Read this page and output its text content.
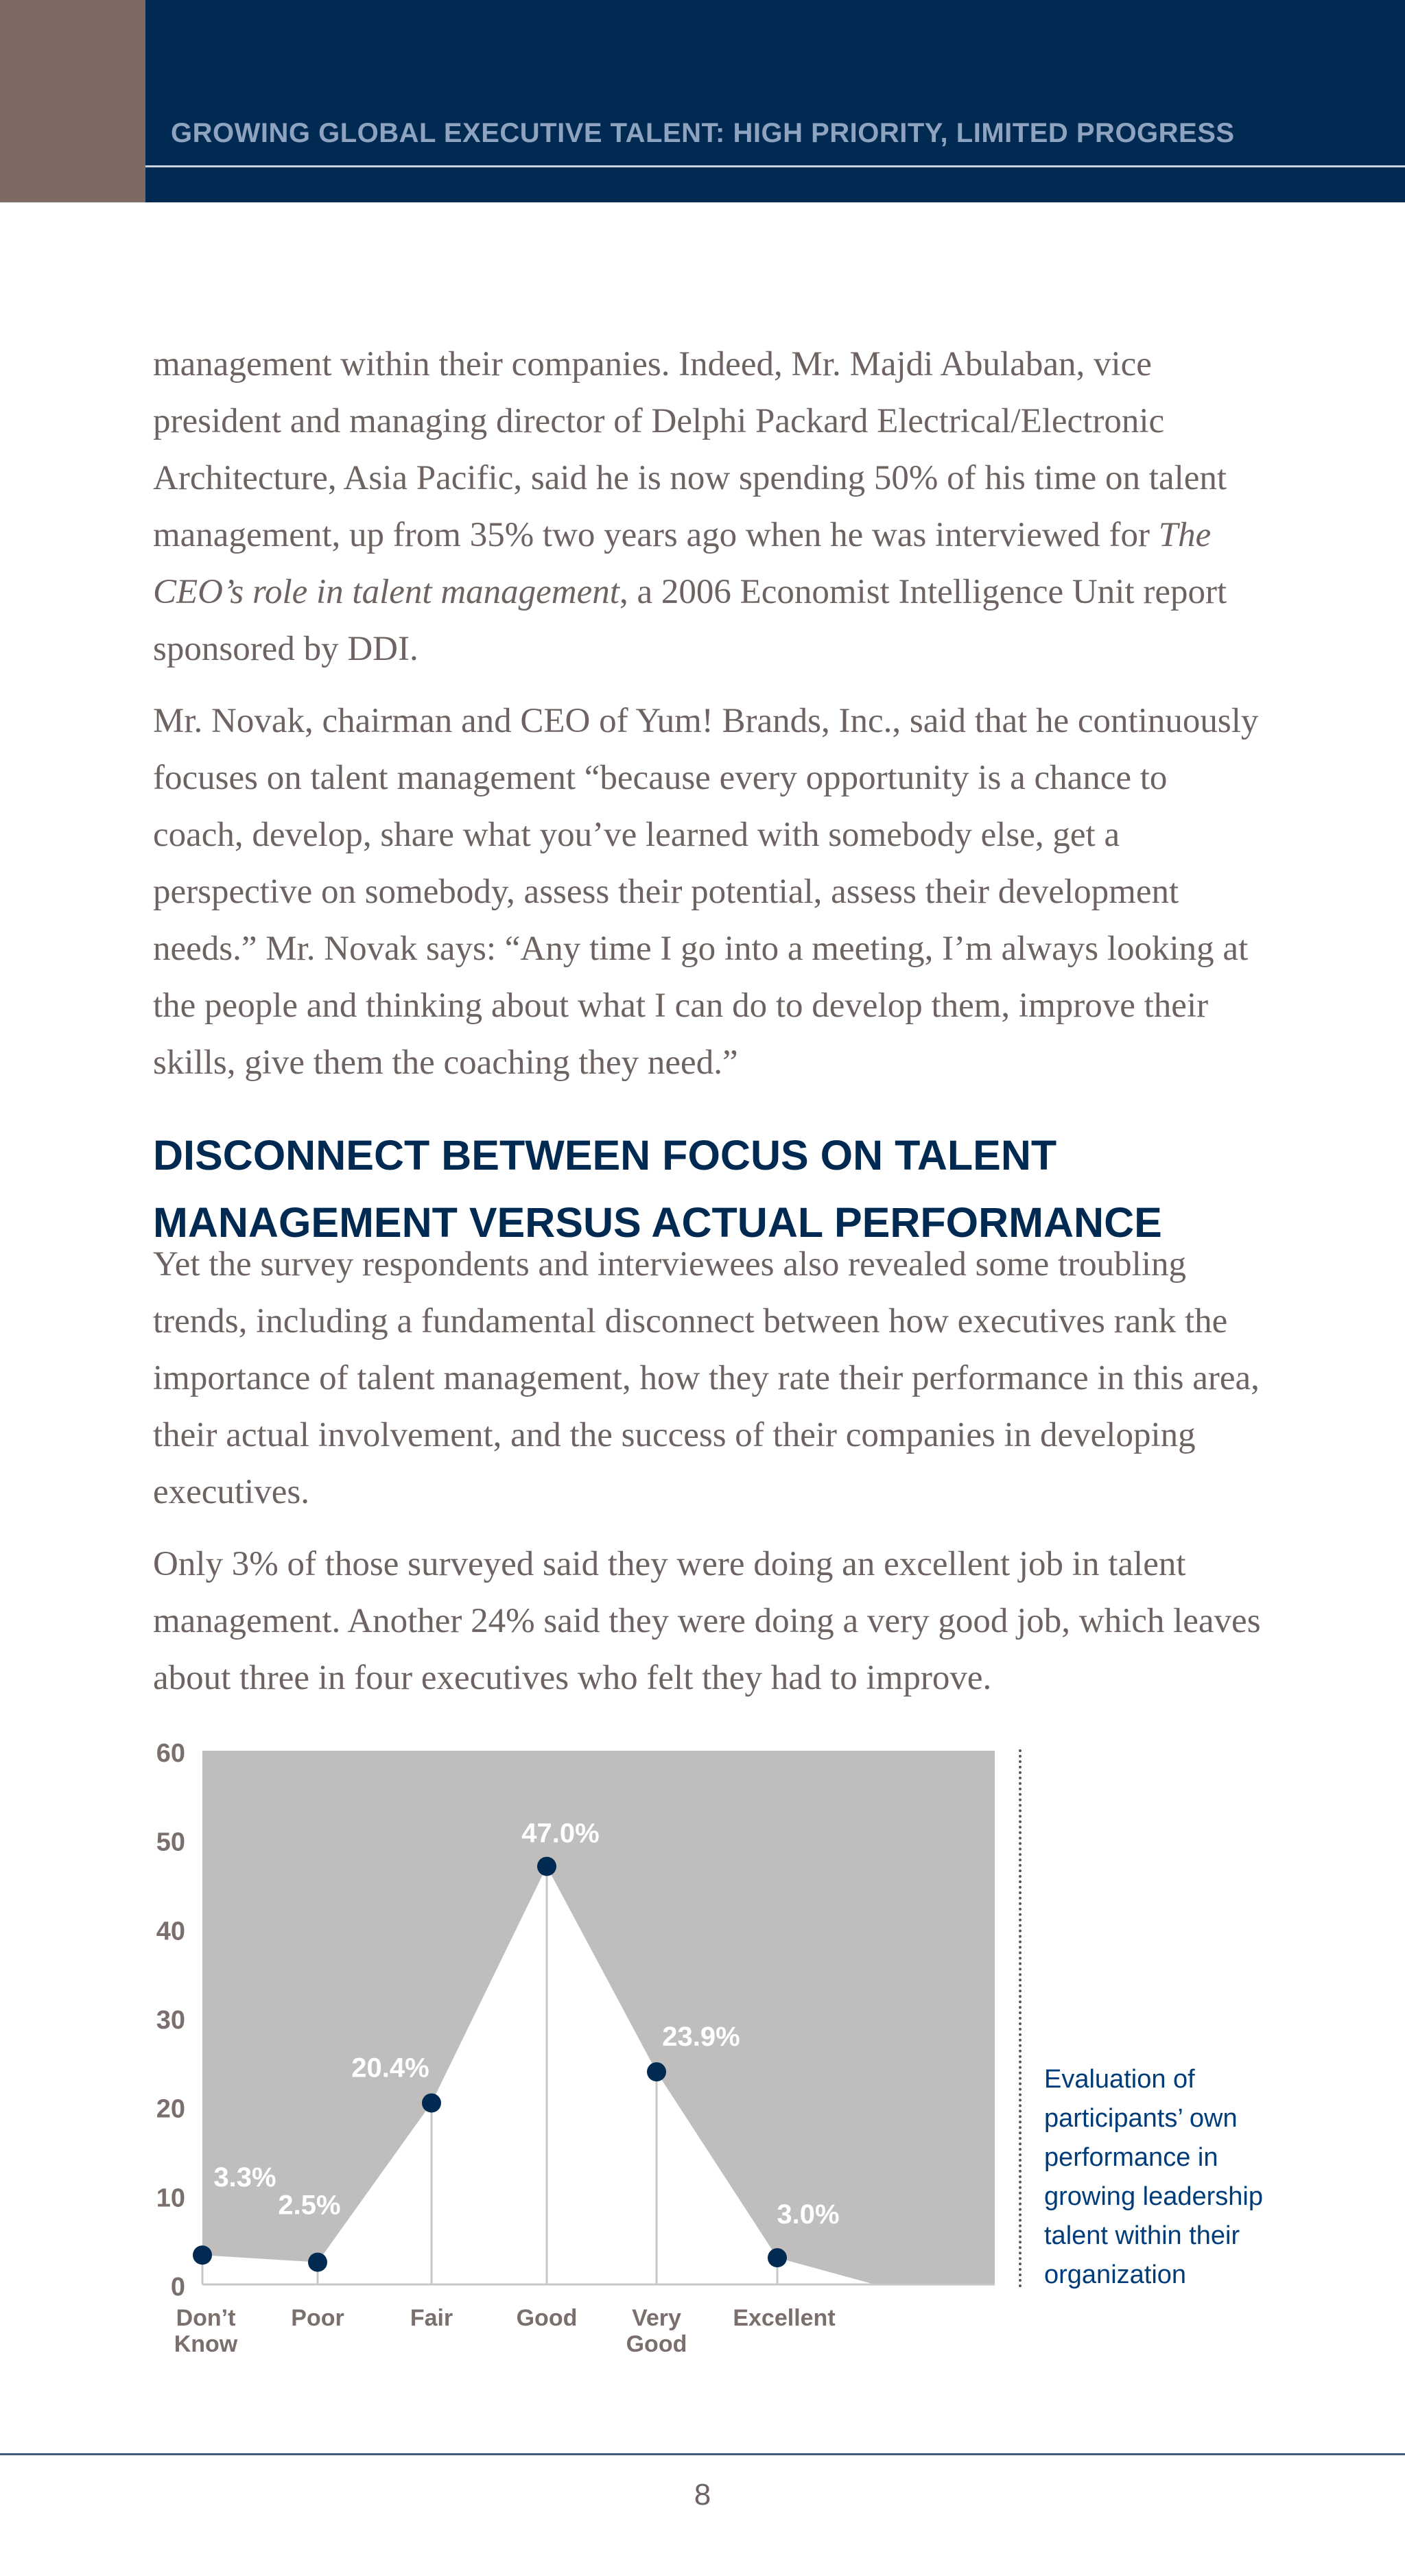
GROWING GLOBAL EXECUTIVE TALENT: HIGH PRIORITY, LIMITED PROGRESS

management within their companies. Indeed, Mr. Majdi Abulaban, vice president and managing director of Delphi Packard Electrical/Electronic Architecture, Asia Pacific, said he is now spending 50% of his time on talent management, up from 35% two years ago when he was interviewed for The CEO’s role in talent management, a 2006 Economist Intelligence Unit report sponsored by DDI.

Mr. Novak, chairman and CEO of Yum! Brands, Inc., said that he continuously focuses on talent management “because every opportunity is a chance to coach, develop, share what you’ve learned with somebody else, get a perspective on somebody, assess their potential, assess their development needs.” Mr. Novak says: “Any time I go into a meeting, I’m always looking at the people and thinking about what I can do to develop them, improve their skills, give them the coaching they need.”

DISCONNECT BETWEEN FOCUS ON TALENT
MANAGEMENT VERSUS ACTUAL PERFORMANCE

Yet the survey respondents and interviewees also revealed some troubling trends, including a fundamental disconnect between how executives rank the importance of talent management, how they rate their performance in this area, their actual involvement, and the success of their companies in developing executives.

Only 3% of those surveyed said they were doing an excellent job in talent management. Another 24% said they were doing a very good job, which leaves about three in four executives who felt they had to improve.

0
10
20
30
40
50
60
3.3%
Don’t
Know
2.5%
Poor
20.4%
Fair
47.0%
Good
23.9%
Very
Good
3.0%
Excellent
Evaluation of participants’ own performance in growing leadership talent within their organization
8
